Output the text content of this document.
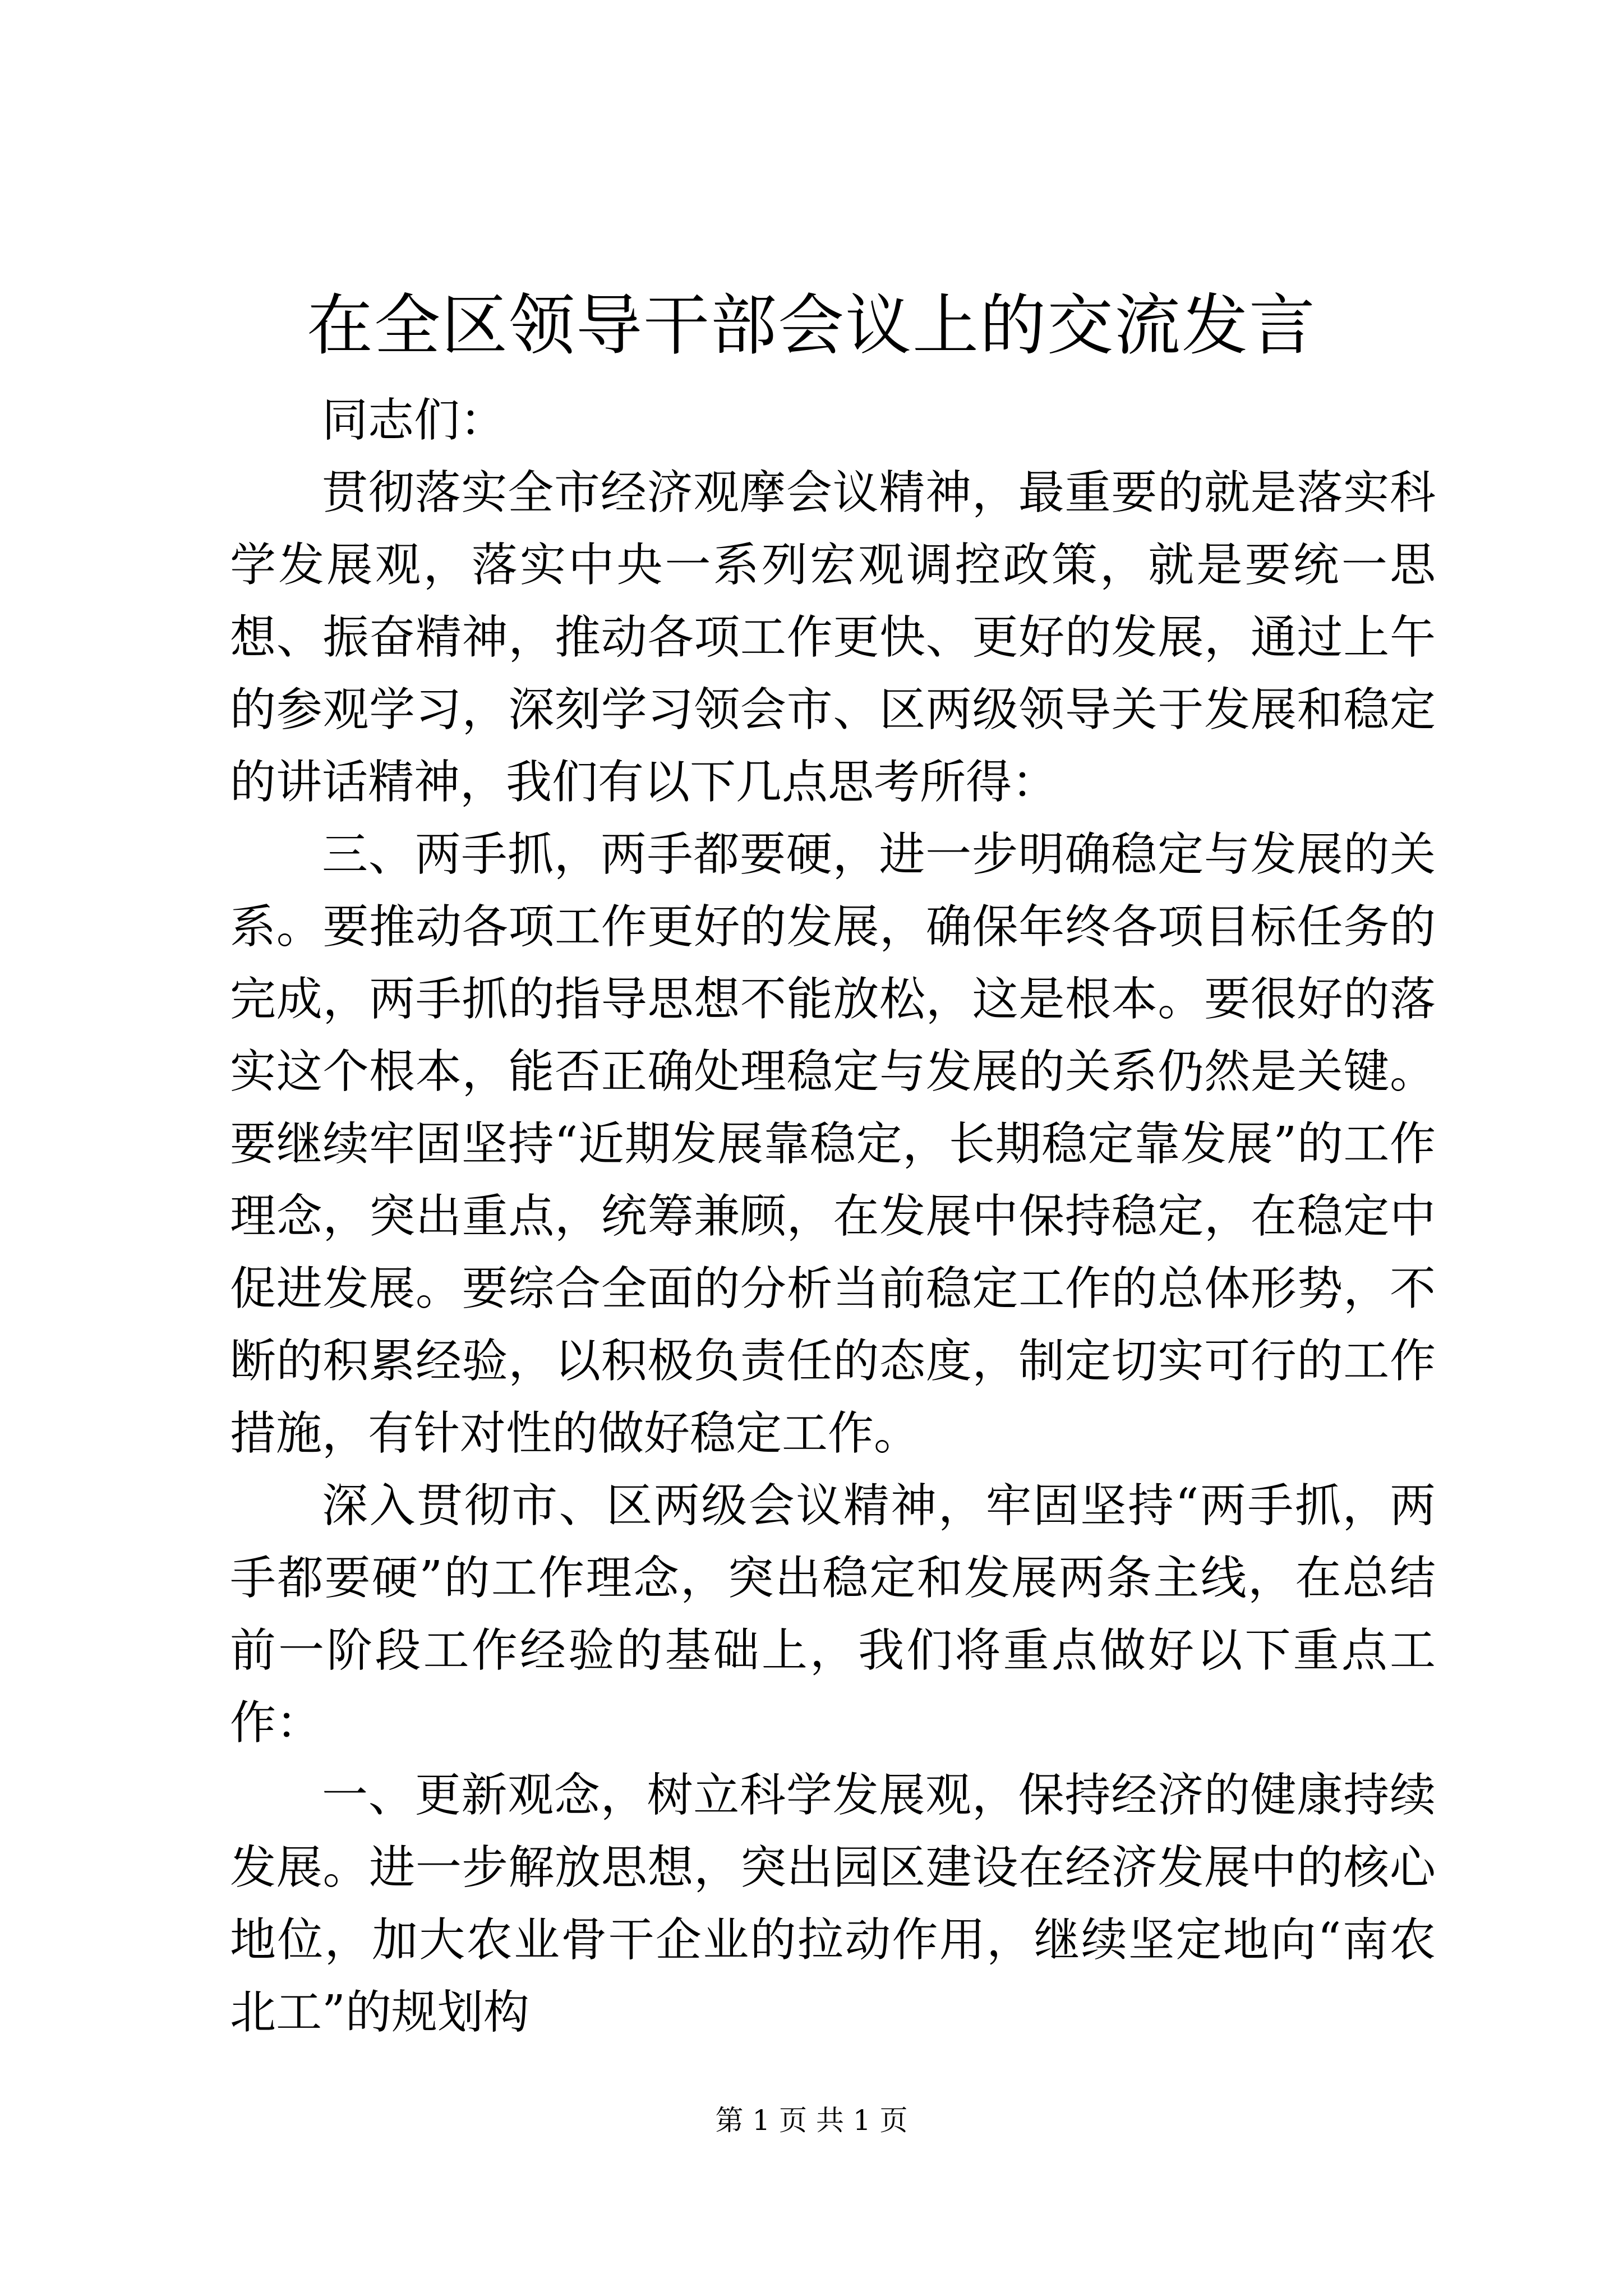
在全区领导干部会议上的交流发言

同志们：

贯彻落实全市经济观摩会议精神，最重要的就是落实科学发展观，落实中央一系列宏观调控政策，就是要统一思想、振奋精神，推动各项工作更快、更好的发展，通过上午的参观学习，深刻学习领会市、区两级领导关于发展和稳定的讲话精神，我们有以下几点思考所得：

三、两手抓，两手都要硬，进一步明确稳定与发展的关系。要推动各项工作更好的发展，确保年终各项目标任务的完成，两手抓的指导思想不能放松，这是根本。要很好的落实这个根本，能否正确处理稳定与发展的关系仍然是关键。要继续牢固坚持“近期发展靠稳定，长期稳定靠发展”的工作理念，突出重点，统筹兼顾，在发展中保持稳定，在稳定中促进发展。要综合全面的分析当前稳定工作的总体形势，不断的积累经验，以积极负责任的态度，制定切实可行的工作措施，有针对性的做好稳定工作。

深入贯彻市、区两级会议精神，牢固坚持“两手抓，两手都要硬”的工作理念，突出稳定和发展两条主线，在总结前一阶段工作经验的基础上，我们将重点做好以下重点工作：

一、更新观念，树立科学发展观，保持经济的健康持续发展。进一步解放思想，突出园区建设在经济发展中的核心地位，加大农业骨干企业的拉动作用，继续坚定地向“南农北工”的规划构

第 1 页 共 1 页
